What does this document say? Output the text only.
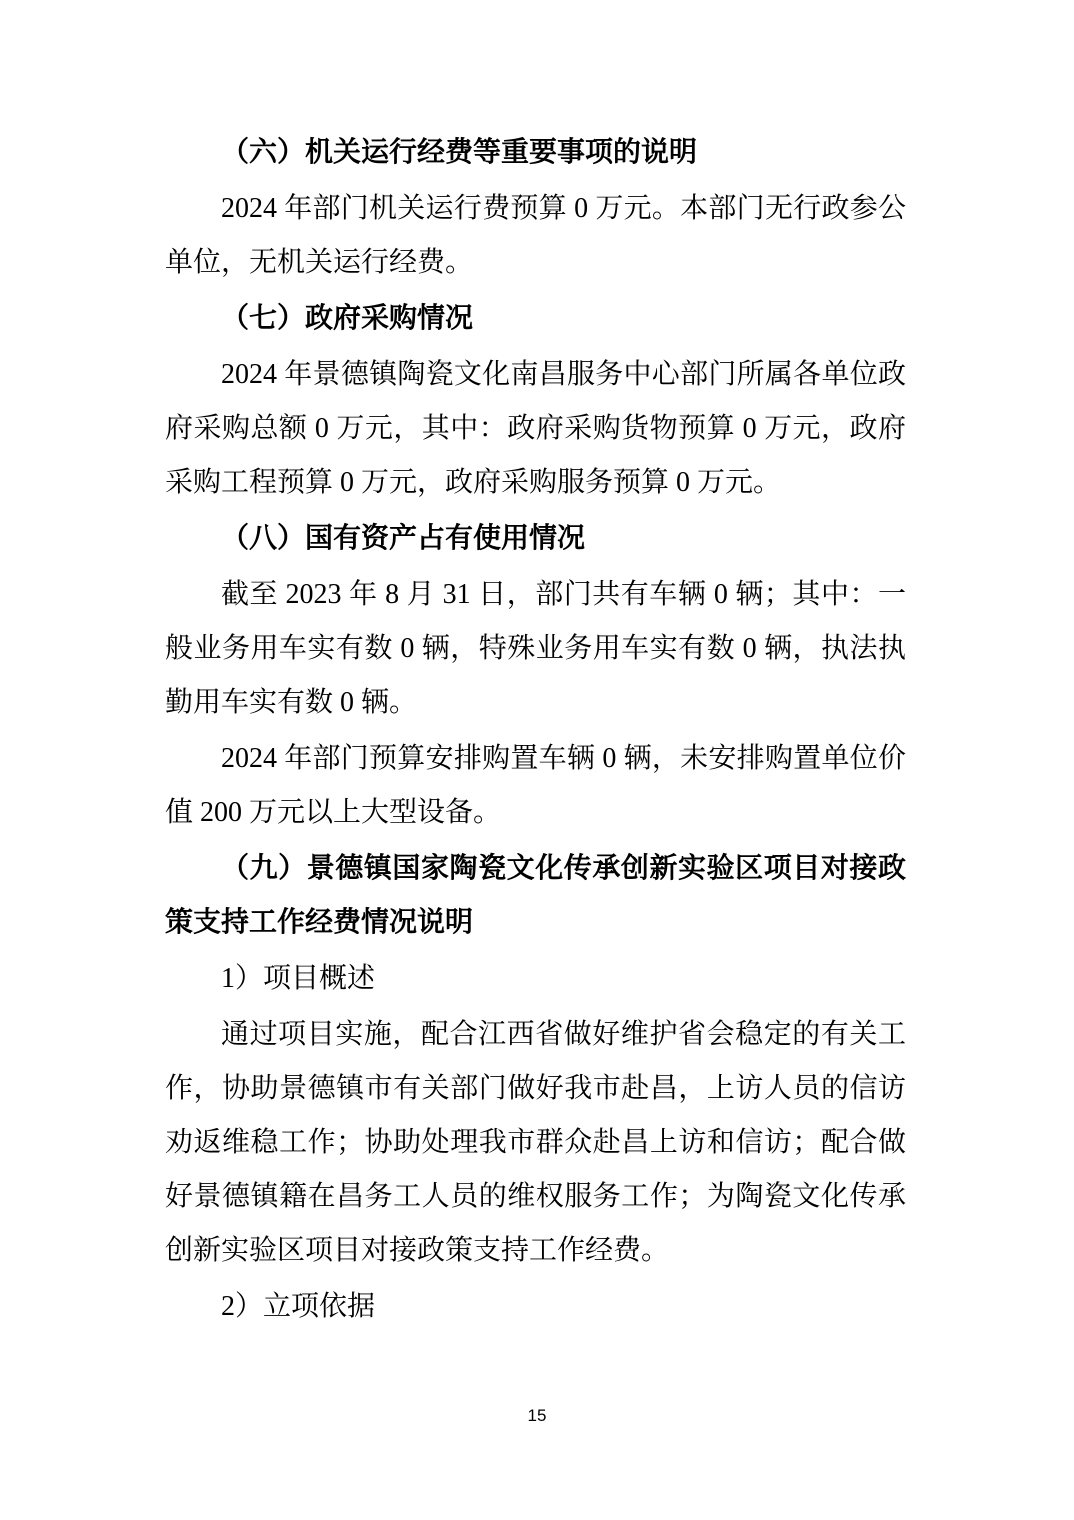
（六）机关运行经费等重要事项的说明

2024 年部门机关运行费预算 0 万元。本部门无行政参公单位，无机关运行经费。

（七）政府采购情况

2024 年景德镇陶瓷文化南昌服务中心部门所属各单位政府采购总额 0 万元，其中：政府采购货物预算 0 万元，政府采购工程预算 0 万元，政府采购服务预算 0 万元。

（八）国有资产占有使用情况

截至 2023 年 8 月 31 日，部门共有车辆 0 辆；其中：一般业务用车实有数 0 辆，特殊业务用车实有数 0 辆，执法执勤用车实有数 0 辆。

2024 年部门预算安排购置车辆 0 辆，未安排购置单位价值 200 万元以上大型设备。

（九）景德镇国家陶瓷文化传承创新实验区项目对接政策支持工作经费情况说明

1）项目概述

通过项目实施，配合江西省做好维护省会稳定的有关工作，协助景德镇市有关部门做好我市赴昌，上访人员的信访劝返维稳工作；协助处理我市群众赴昌上访和信访；配合做好景德镇籍在昌务工人员的维权服务工作；为陶瓷文化传承创新实验区项目对接政策支持工作经费。

2）立项依据

15
